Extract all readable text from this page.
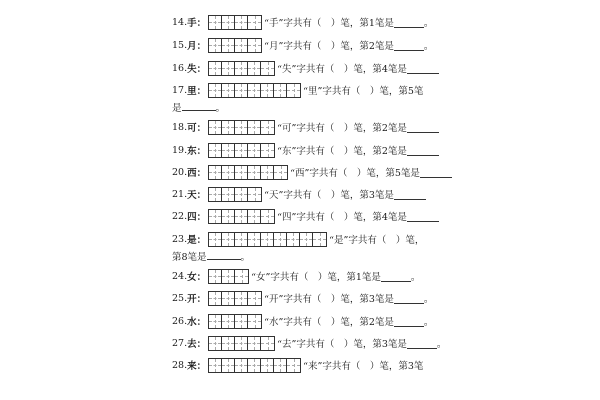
14. 手：	“手”字共有（　）笔，第1笔是	。
15. 月：	“月”字共有（　）笔，第2笔是	。
16. 失：	“失”字共有（　）笔，第4笔是
17. 里：	“里”字共有（　）笔，第5笔
是	。
18. 可：	“可”字共有（　）笔，第2笔是
19. 东：	“东”字共有（　）笔，第2笔是
20. 西：	“西”字共有（　）笔，第5笔是
21. 天：	“天”字共有（　）笔，第3笔是
22. 四：	“四”字共有（　）笔，第4笔是
23. 是：	“是”字共有（　）笔，
第8笔是	。
24. 女：	“女”字共有（　）笔，第1笔是	。
25. 开：	“开”字共有（　）笔，第3笔是	。
26. 水：	“水”字共有（　）笔，第2笔是	。
27. 去：	“去”字共有（　）笔，第3笔是	。
28. 来：	“来”字共有（　）笔，第3笔
